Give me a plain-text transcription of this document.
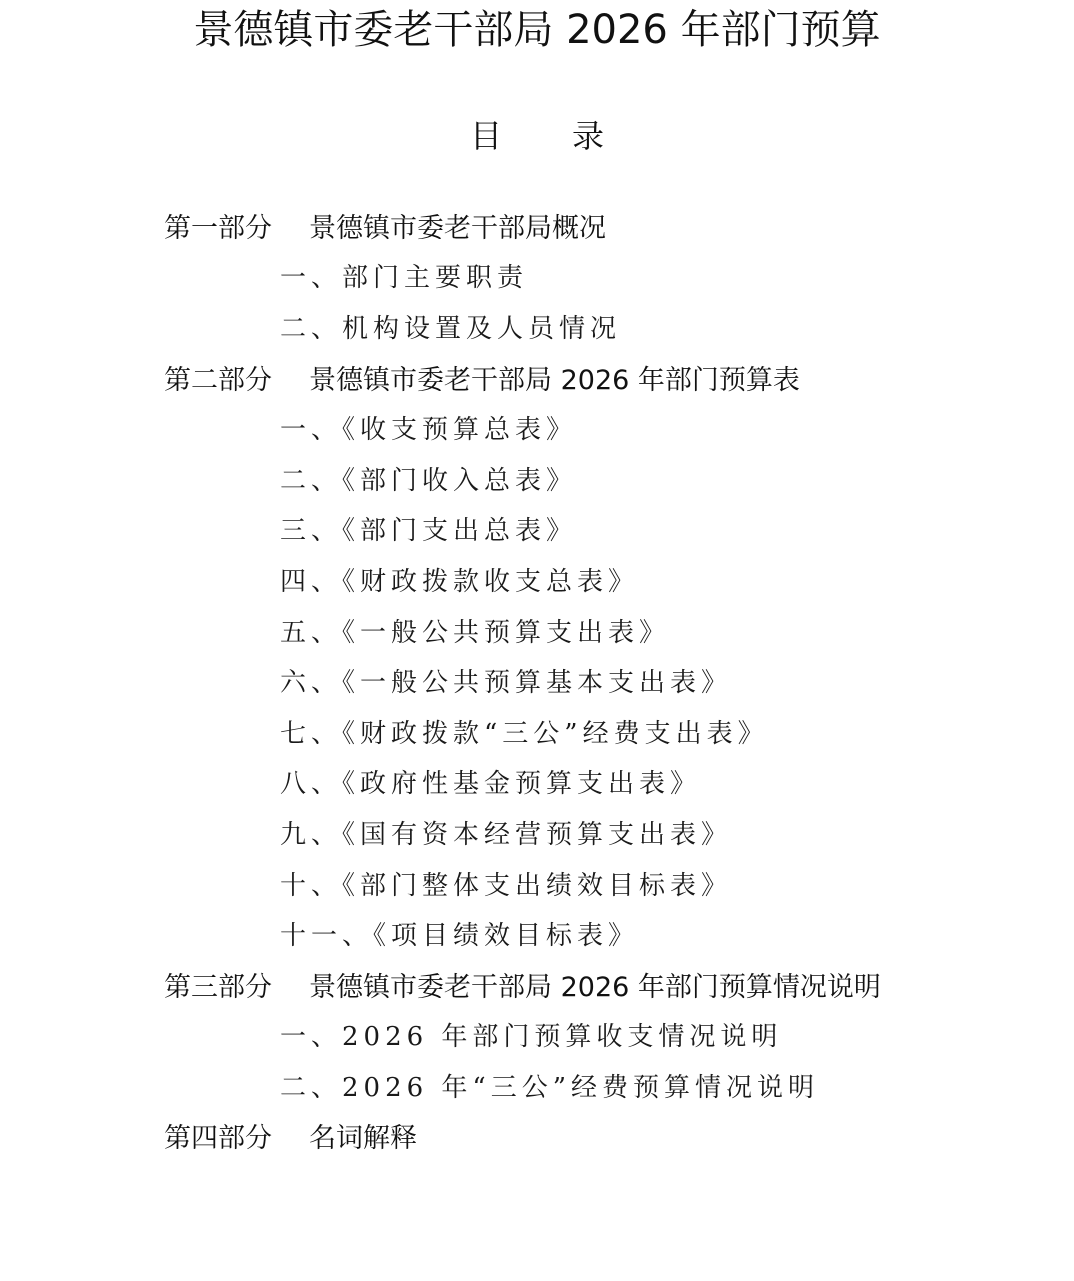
景德镇市委老干部局 2026 年部门预算
目 录
第一部分	景德镇市委老干部局概况
一、部门主要职责
二、机构设置及人员情况
第二部分	景德镇市委老干部局 2026 年部门预算表
一、《收支预算总表》
二、《部门收入总表》
三、《部门支出总表》
四、《财政拨款收支总表》
五、《一般公共预算支出表》
六、《一般公共预算基本支出表》
七、《财政拨款“三公”经费支出表》
八、《政府性基金预算支出表》
九、《国有资本经营预算支出表》
十、《部门整体支出绩效目标表》
十一、《项目绩效目标表》
第三部分	景德镇市委老干部局 2026 年部门预算情况说明
一、2026 年部门预算收支情况说明
二、2026 年“三公”经费预算情况说明
第四部分	名词解释
